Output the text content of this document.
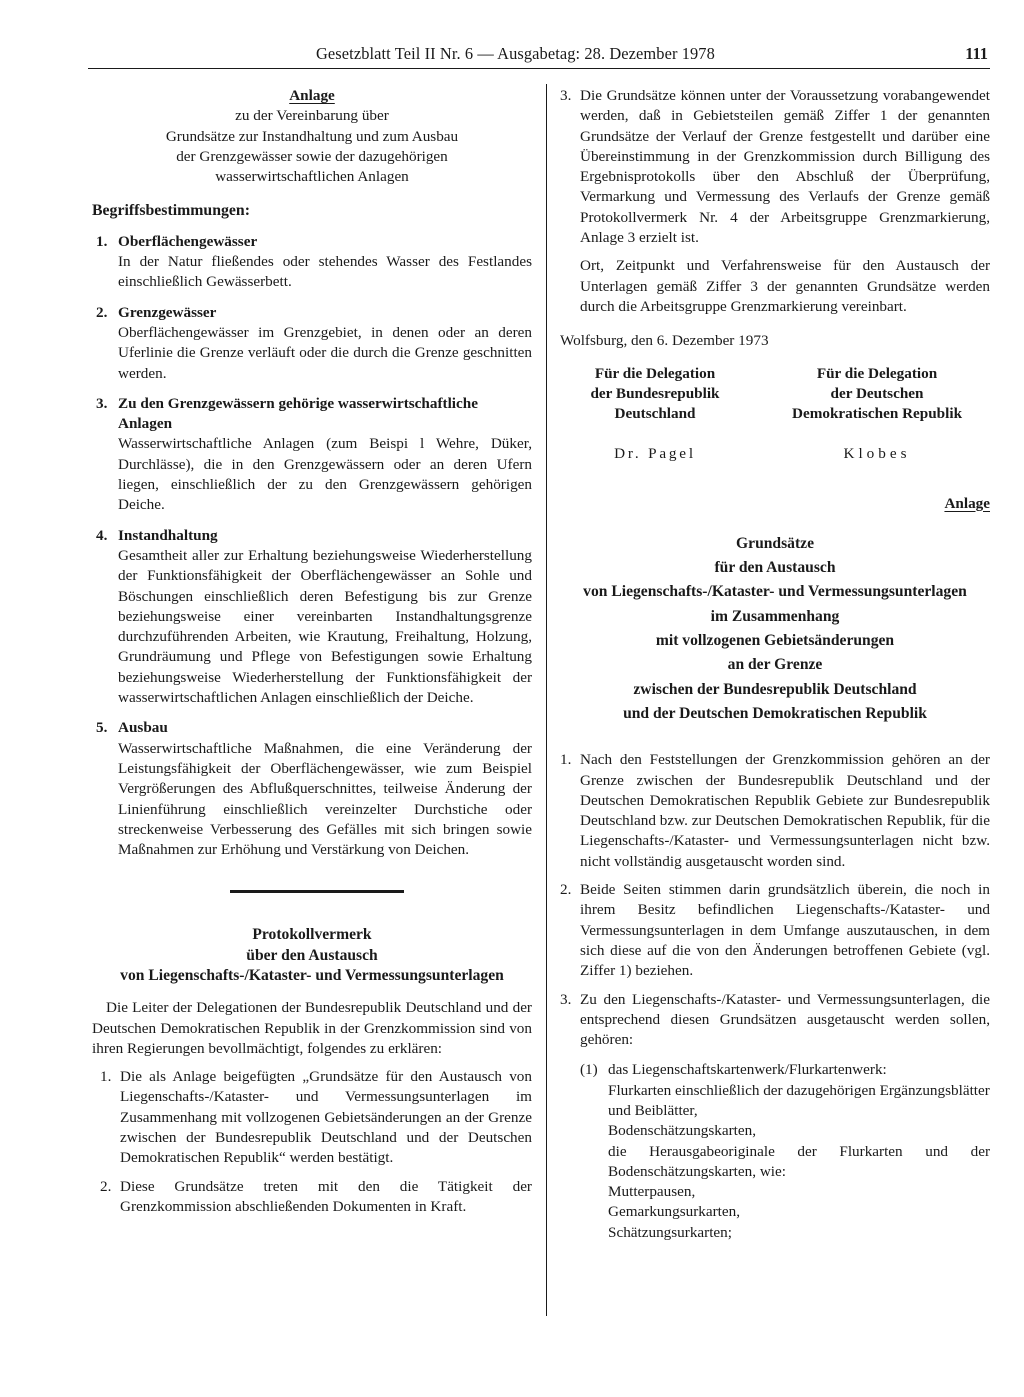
Gesetzblatt Teil II Nr. 6 — Ausgabetag: 28. Dezember 1978	111
Anlage
zu der Vereinbarung über
Grundsätze zur Instandhaltung und zum Ausbau
der Grenzgewässer sowie der dazugehörigen
wasserwirtschaftlichen Anlagen
Begriffsbestimmungen:
1. Oberflächengewässer
In der Natur fließendes oder stehendes Wasser des Festlandes einschließlich Gewässerbett.
2. Grenzgewässer
Oberflächengewässer im Grenzgebiet, in denen oder an deren Uferlinie die Grenze verläuft oder die durch die Grenze geschnitten werden.
3. Zu den Grenzgewässern gehörige wasserwirtschaftliche Anlagen
Wasserwirtschaftliche Anlagen (zum Beispi l Wehre, Düker, Durchlässe), die in den Grenzgewässern oder an deren Ufern liegen, einschließlich der zu den Grenzgewässern gehörigen Deiche.
4. Instandhaltung
Gesamtheit aller zur Erhaltung beziehungsweise Wiederherstellung der Funktionsfähigkeit der Oberflächengewässer an Sohle und Böschungen einschließlich deren Befestigung bis zur Grenze beziehungsweise einer vereinbarten Instandhaltungsgrenze durchzuführenden Arbeiten, wie Krautung, Freihaltung, Holzung, Grundräumung und Pflege von Befestigungen sowie Erhaltung beziehungsweise Wiederherstellung der Funktionsfähigkeit der wasserwirtschaftlichen Anlagen einschließlich der Deiche.
5. Ausbau
Wasserwirtschaftliche Maßnahmen, die eine Veränderung der Leistungsfähigkeit der Oberflächengewässer, wie zum Beispiel Vergrößerungen des Abflußquerschnittes, teilweise Änderung der Linienführung einschließlich vereinzelter Durchstiche oder streckenweise Verbesserung des Gefälles mit sich bringen sowie Maßnahmen zur Erhöhung und Verstärkung von Deichen.
Protokollvermerk
über den Austausch
von Liegenschafts-/Kataster- und Vermessungsunterlagen

Die Leiter der Delegationen der Bundesrepublik Deutschland und der Deutschen Demokratischen Republik in der Grenzkommission sind von ihren Regierungen bevollmächtigt, folgendes zu erklären:

1. Die als Anlage beigefügten „Grundsätze für den Austausch von Liegenschafts-/Kataster- und Vermessungsunterlagen im Zusammenhang mit vollzogenen Gebietsänderungen an der Grenze zwischen der Bundesrepublik Deutschland und der Deutschen Demokratischen Republik“ werden bestätigt.
2. Diese Grundsätze treten mit den die Tätigkeit der Grenzkommission abschließenden Dokumenten in Kraft.
3. Die Grundsätze können unter der Voraussetzung vorabangewendet werden, daß in Gebietsteilen gemäß Ziffer 1 der genannten Grundsätze der Verlauf der Grenze festgestellt und darüber eine Übereinstimmung in der Grenzkommission durch Billigung des Ergebnisprotokolls über den Abschluß der Überprüfung, Vermarkung und Vermessung des Verlaufs der Grenze gemäß Protokollvermerk Nr. 4 der Arbeitsgruppe Grenzmarkierung, Anlage 3 erzielt ist.
Ort, Zeitpunkt und Verfahrensweise für den Austausch der Unterlagen gemäß Ziffer 3 der genannten Grundsätze werden durch die Arbeitsgruppe Grenzmarkierung vereinbart.
Wolfsburg, den 6. Dezember 1973
Für die Delegation
der Bundesrepublik
Deutschland
Für die Delegation
der Deutschen
Demokratischen Republik
Dr. Pagel	Klobes
Anlage
Grundsätze
für den Austausch
von Liegenschafts-/Kataster- und Vermessungsunterlagen
im Zusammenhang
mit vollzogenen Gebietsänderungen
an der Grenze
zwischen der Bundesrepublik Deutschland
und der Deutschen Demokratischen Republik
1. Nach den Feststellungen der Grenzkommission gehören an der Grenze zwischen der Bundesrepublik Deutschland und der Deutschen Demokratischen Republik Gebiete zur Bundesrepublik Deutschland bzw. zur Deutschen Demokratischen Republik, für die Liegenschafts-/Kataster- und Vermessungsunterlagen nicht bzw. nicht vollständig ausgetauscht worden sind.
2. Beide Seiten stimmen darin grundsätzlich überein, die noch in ihrem Besitz befindlichen Liegenschafts-/Kataster- und Vermessungsunterlagen in dem Umfange auszutauschen, in dem sich diese auf die von den Änderungen betroffenen Gebiete (vgl. Ziffer 1) beziehen.
3. Zu den Liegenschafts-/Kataster- und Vermessungsunterlagen, die entsprechend diesen Grundsätzen ausgetauscht werden sollen, gehören:
(1) das Liegenschaftskartenwerk/Flurkartenwerk:
Flurkarten einschließlich der dazugehörigen Ergänzungsblätter und Beiblätter,
Bodenschätzungskarten,
die Herausgabeoriginale der Flurkarten und der Bodenschätzungskarten, wie:
Mutterpausen,
Gemarkungsurkarten,
Schätzungsurkarten;
